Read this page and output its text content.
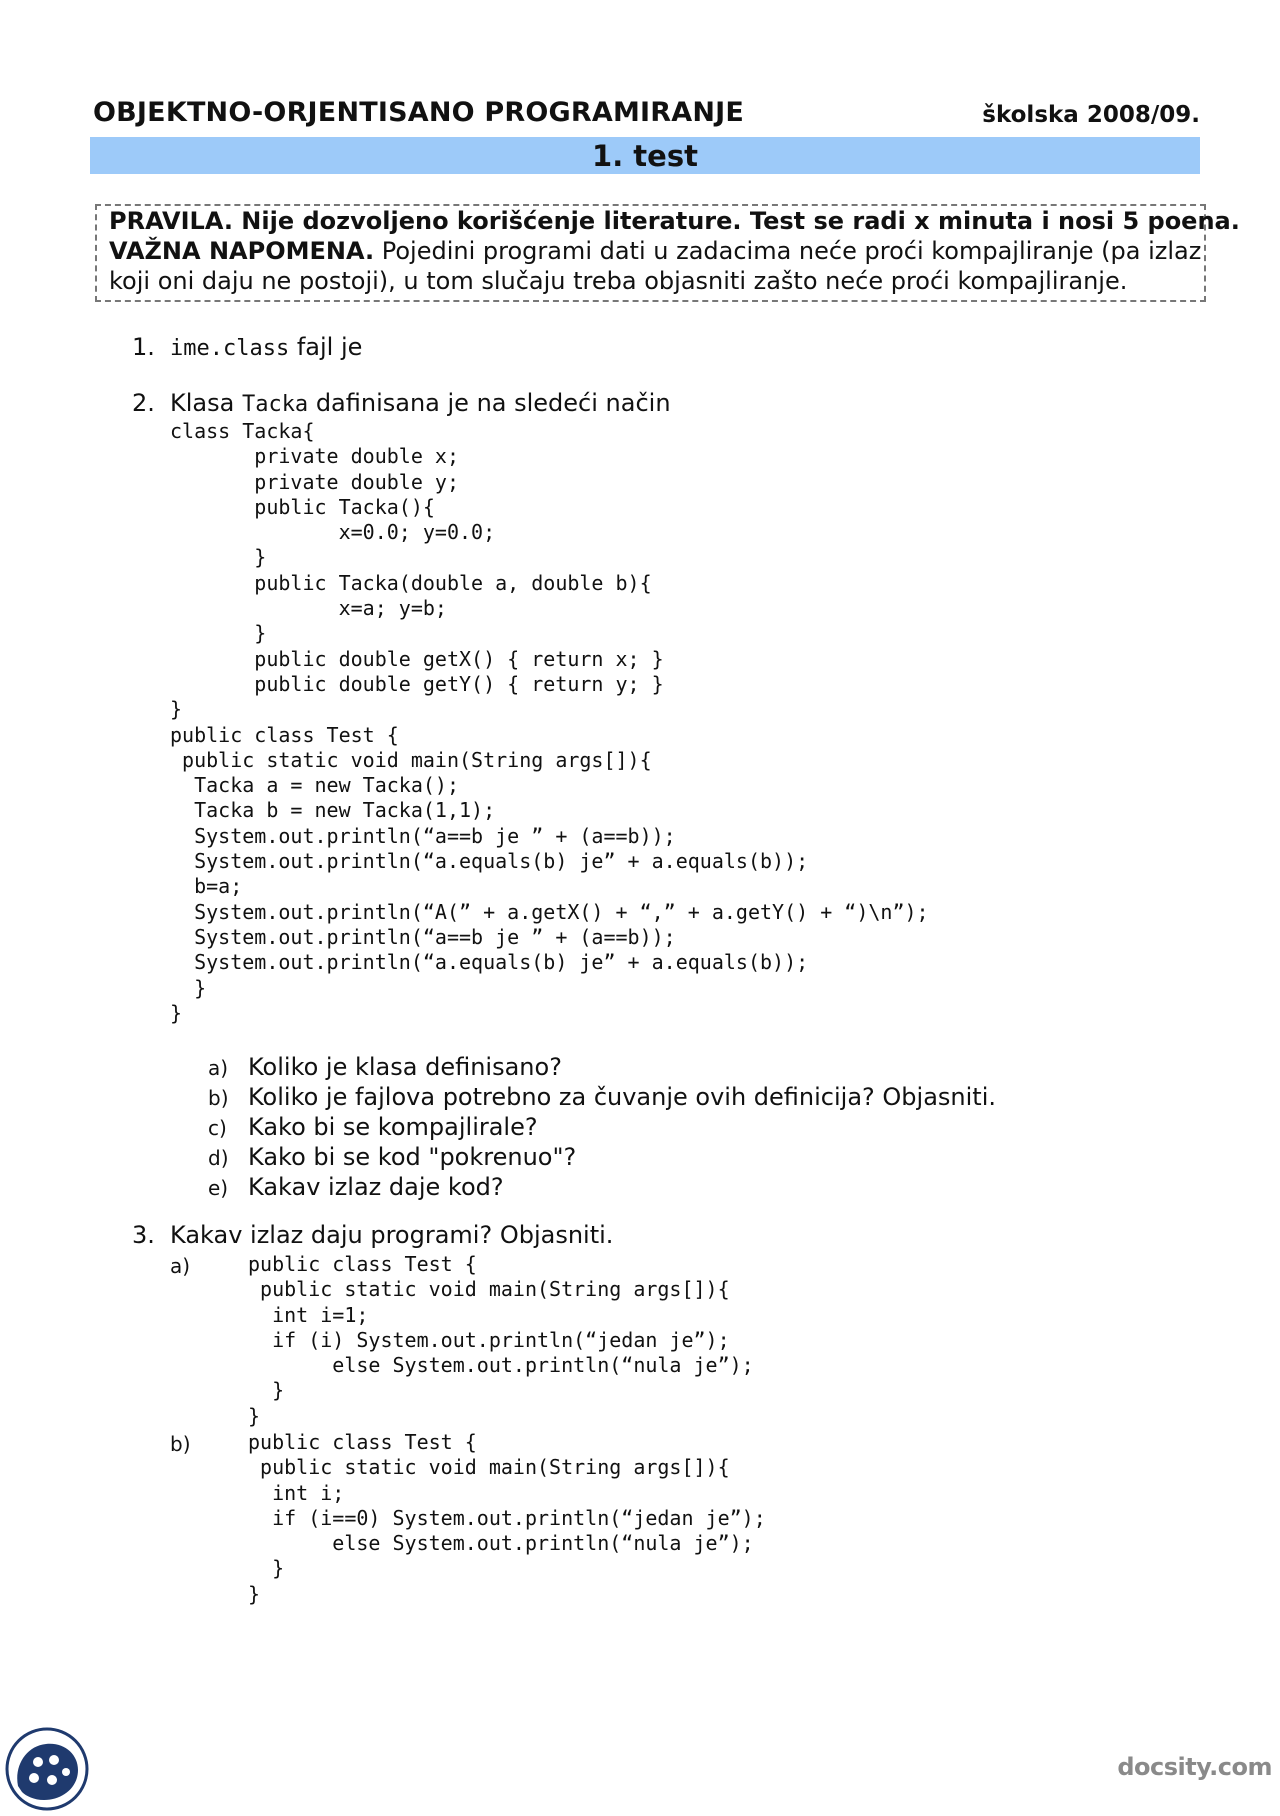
OBJEKTNO-ORJENTISANO PROGRAMIRANJE	školska 2008/09.
1. test
PRAVILA. Nije dozvoljeno korišćenje literature. Test se radi x minuta i nosi 5 poena.
VAŽNA NAPOMENA. Pojedini programi dati u zadacima neće proći kompajliranje (pa izlaz
koji oni daju ne postoji), u tom slučaju treba objasniti zašto neće proći kompajliranje.
1. ime.class fajl je
2. Klasa Tacka dafinisana je na sledeći način
class Tacka{
private double x;
private double y;
public Tacka(){
x=0.0; y=0.0;
}
public Tacka(double a, double b){
x=a; y=b;
}
public double getX() { return x; }
public double getY() { return y; }
}
public class Test {
public static void main(String args[]){
Tacka a = new Tacka();
Tacka b = new Tacka(1,1);
System.out.println(“a==b je ” + (a==b));
System.out.println(“a.equals(b) je” + a.equals(b));
b=a;
System.out.println(“A(” + a.getX() + “,” + a.getY() + “)\n”);
System.out.println(“a==b je ” + (a==b));
System.out.println(“a.equals(b) je” + a.equals(b));
}
}
a) Koliko je klasa definisano?
b) Koliko je fajlova potrebno za čuvanje ovih definicija? Objasniti.
c) Kako bi se kompajlirale?
d) Kako bi se kod "pokrenuo"?
e) Kakav izlaz daje kod?
3. Kakav izlaz daju programi? Objasniti.
a)	public class Test {
public static void main(String args[]){
int i=1;
if (i) System.out.println(“jedan je”);
else System.out.println(“nula je”);
}
}
b)	public class Test {
public static void main(String args[]){
int i;
if (i==0) System.out.println(“jedan je”);
else System.out.println(“nula je”);
}
}
docsity.com
